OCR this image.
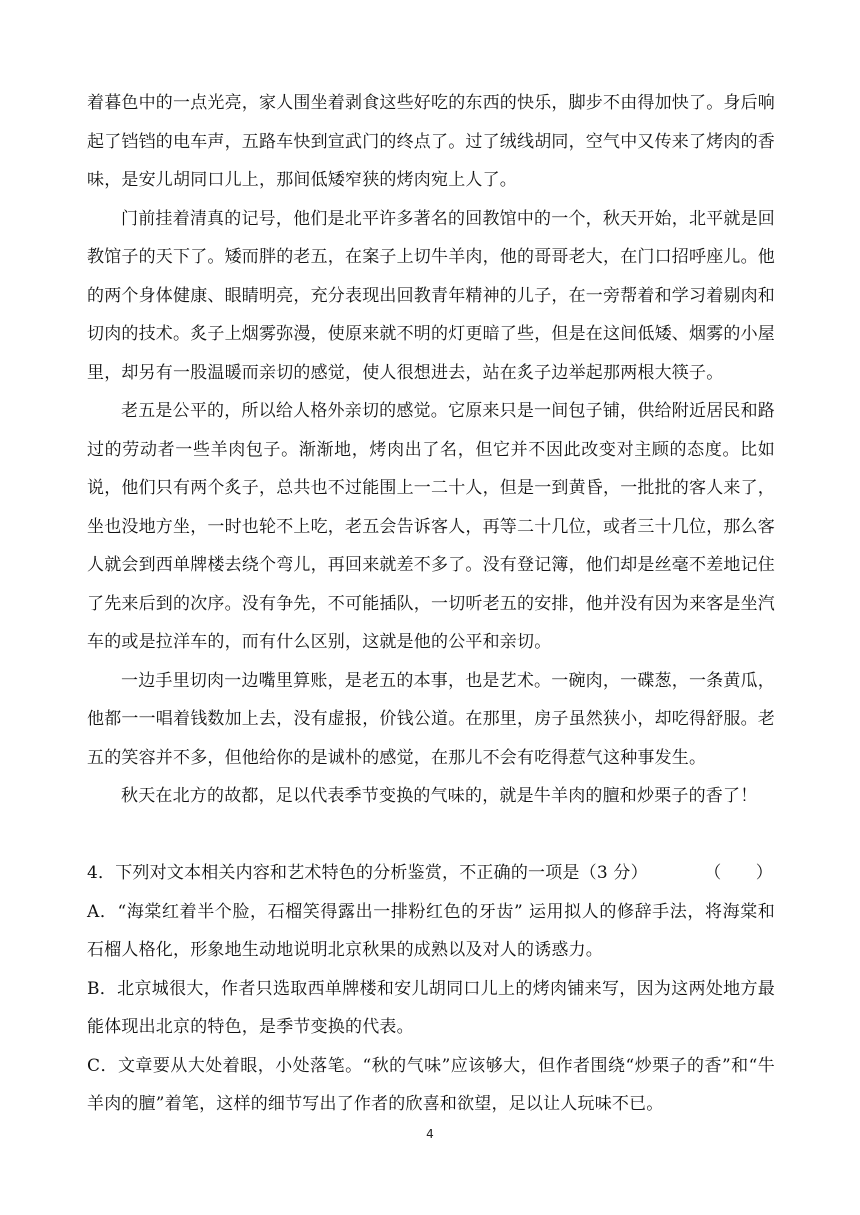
着暮色中的一点光亮，家人围坐着剥食这些好吃的东西的快乐，脚步不由得加快了。身后响起了铛铛的电车声，五路车快到宣武门的终点了。过了绒线胡同，空气中又传来了烤肉的香味，是安儿胡同口儿上，那间低矮窄狭的烤肉宛上人了。

门前挂着清真的记号，他们是北平许多著名的回教馆中的一个，秋天开始，北平就是回教馆子的天下了。矮而胖的老五，在案子上切牛羊肉，他的哥哥老大，在门口招呼座儿。他的两个身体健康、眼睛明亮，充分表现出回教青年精神的儿子，在一旁帮着和学习着剔肉和切肉的技术。炙子上烟雾弥漫，使原来就不明的灯更暗了些，但是在这间低矮、烟雾的小屋里，却另有一股温暖而亲切的感觉，使人很想进去，站在炙子边举起那两根大筷子。

老五是公平的，所以给人格外亲切的感觉。它原来只是一间包子铺，供给附近居民和路过的劳动者一些羊肉包子。渐渐地，烤肉出了名，但它并不因此改变对主顾的态度。比如说，他们只有两个炙子，总共也不过能围上一二十人，但是一到黄昏，一批批的客人来了，坐也没地方坐，一时也轮不上吃，老五会告诉客人，再等二十几位，或者三十几位，那么客人就会到西单牌楼去绕个弯儿，再回来就差不多了。没有登记簿，他们却是丝毫不差地记住了先来后到的次序。没有争先，不可能插队，一切听老五的安排，他并没有因为来客是坐汽车的或是拉洋车的，而有什么区别，这就是他的公平和亲切。

一边手里切肉一边嘴里算账，是老五的本事，也是艺术。一碗肉，一碟葱，一条黄瓜，他都一一唱着钱数加上去，没有虚报，价钱公道。在那里，房子虽然狭小，却吃得舒服。老五的笑容并不多，但他给你的是诚朴的感觉，在那儿不会有吃得惹气这种事发生。

秋天在北方的故都，足以代表季节变换的气味的，就是牛羊肉的膻和炒栗子的香了！

4．下列对文本相关内容和艺术特色的分析鉴赏，不正确的一项是（3 分）	（　　）

A．“海棠红着半个脸，石榴笑得露出一排粉红色的牙齿” 运用拟人的修辞手法，将海棠和石榴人格化，形象地生动地说明北京秋果的成熟以及对人的诱惑力。

B．北京城很大，作者只选取西单牌楼和安儿胡同口儿上的烤肉铺来写，因为这两处地方最能体现出北京的特色，是季节变换的代表。

C．文章要从大处着眼，小处落笔。“秋的气味”应该够大，但作者围绕“炒栗子的香”和“牛羊肉的膻”着笔，这样的细节写出了作者的欣喜和欲望，足以让人玩味不已。

4
